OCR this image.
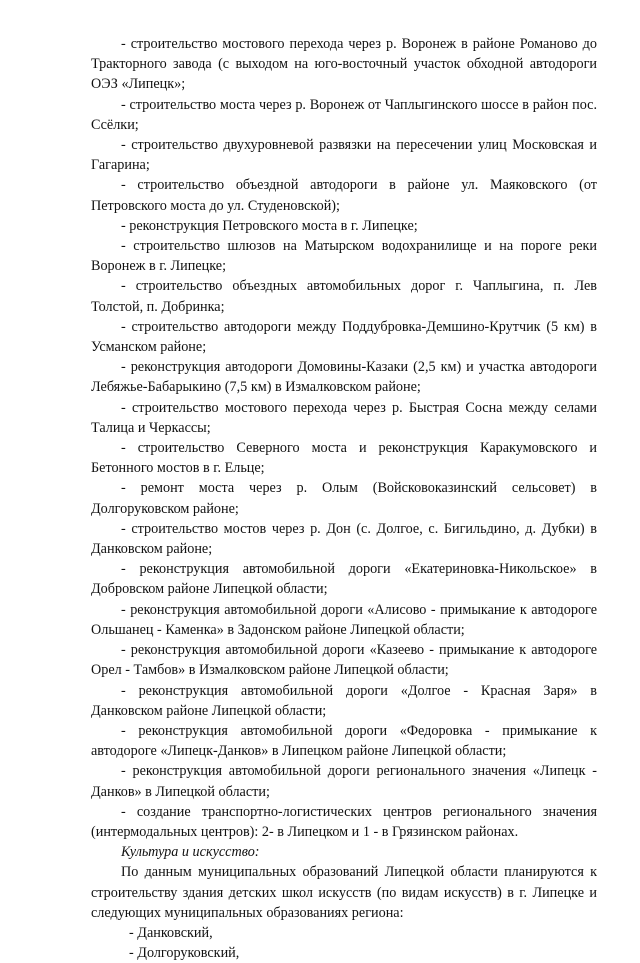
- строительство мостового перехода через р. Воронеж в районе Романово до Тракторного завода (с выходом на юго-восточный участок обходной автодороги ОЭЗ «Липецк»;

- строительство моста через р. Воронеж от Чаплыгинского шоссе в район пос. Ссёлки;

- строительство двухуровневой развязки на пересечении улиц Московская и Гагарина;

- строительство объездной автодороги в районе ул. Маяковского (от Петровского моста до ул. Студеновской);

- реконструкция Петровского моста в г. Липецке;

- строительство шлюзов на Матырском водохранилище и на пороге реки Воронеж в г. Липецке;

- строительство объездных автомобильных дорог г. Чаплыгина, п. Лев Толстой, п. Добринка;

- строительство автодороги между Поддубровка-Демшино-Крутчик (5 км) в Усманском районе;

- реконструкция автодороги Домовины-Казаки (2,5 км) и участка автодороги Лебяжье-Бабарыкино (7,5 км) в Измалковском районе;

- строительство мостового перехода через р. Быстрая Сосна между селами Талица и Черкассы;

- строительство Северного моста и реконструкция Каракумовского и Бетонного мостов в г. Ельце;

- ремонт моста через р. Олым (Войсковоказинский сельсовет) в Долгоруковском районе;

- строительство мостов через р. Дон (с. Долгое, с. Бигильдино, д. Дубки) в Данковском районе;

- реконструкция автомобильной дороги «Екатериновка-Никольское» в Добровском районе Липецкой области;

- реконструкция автомобильной дороги «Алисово - примыкание к автодороге Ольшанец - Каменка» в Задонском районе Липецкой области;

- реконструкция автомобильной дороги «Казеево - примыкание к автодороге Орел - Тамбов» в Измалковском районе Липецкой области;

- реконструкция автомобильной дороги «Долгое - Красная Заря» в Данковском районе Липецкой области;

- реконструкция автомобильной дороги «Федоровка - примыкание к автодороге «Липецк-Данков» в Липецком районе Липецкой области;

- реконструкция автомобильной дороги регионального значения «Липецк - Данков» в Липецкой области;

- создание транспортно-логистических центров регионального значения (интермодальных центров): 2- в Липецком и 1 - в Грязинском районах.

Культура и искусство:

По данным муниципальных образований Липецкой области планируются к строительству здания детских школ искусств (по видам искусств) в г. Липецке и следующих муниципальных образованиях региона:

- Данковский,

- Долгоруковский,
